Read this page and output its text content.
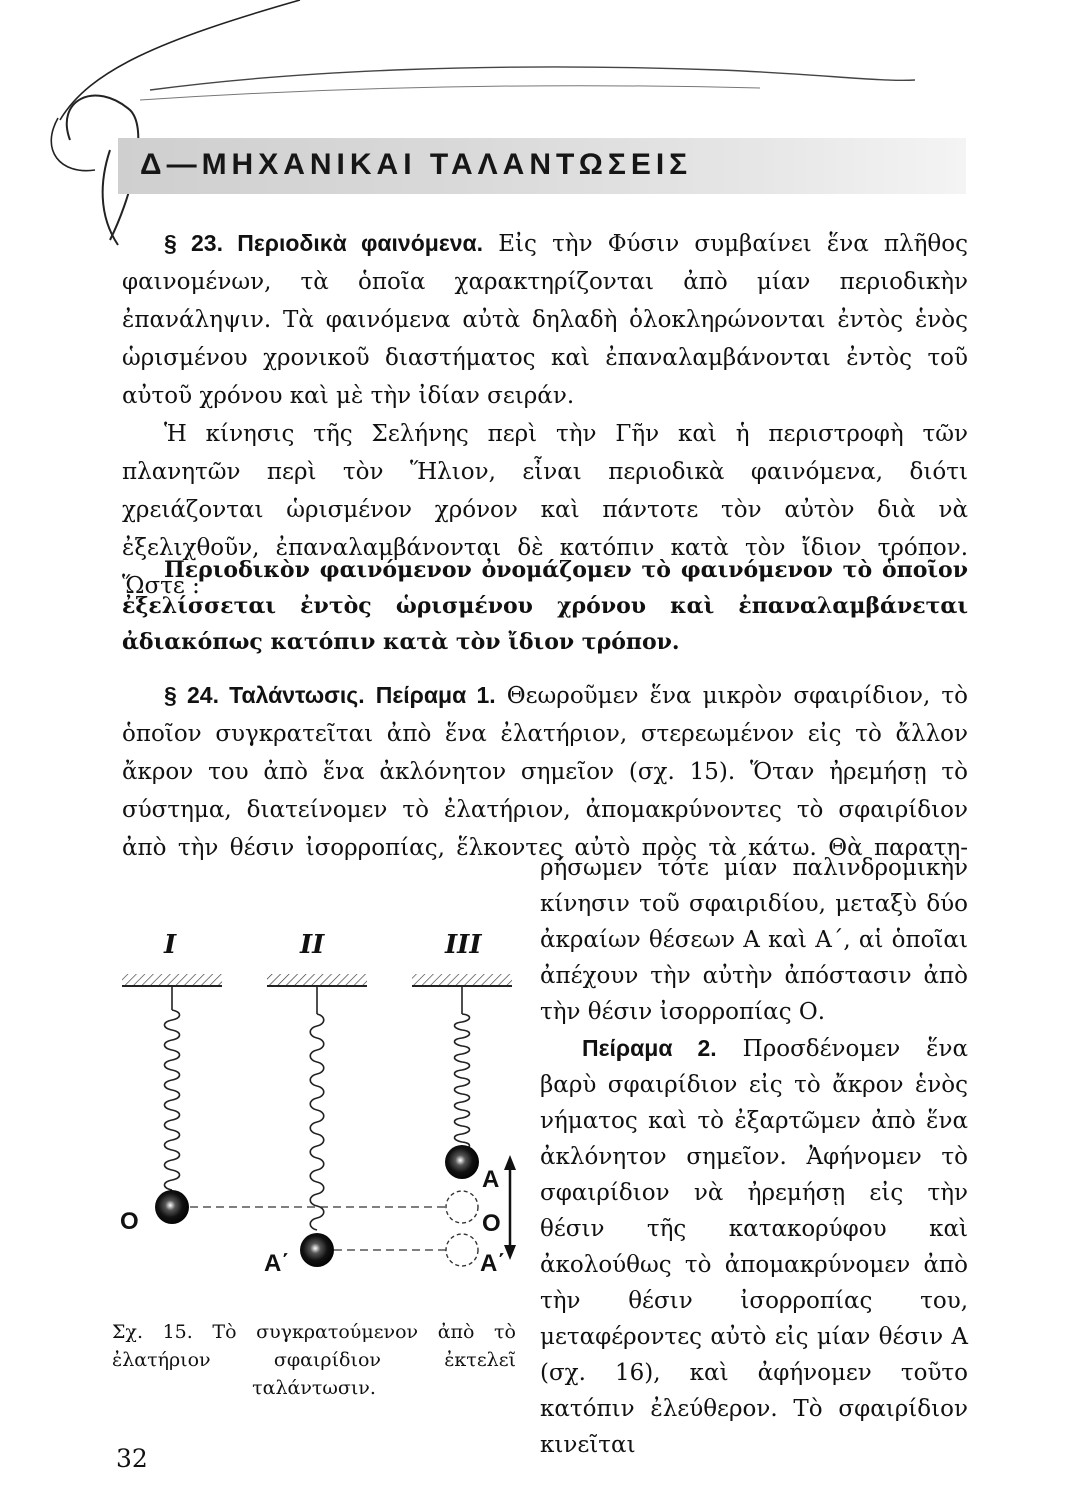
Δ—ΜΗΧΑΝΙΚΑΙ ΤΑΛΑΝΤΩΣΕΙΣ

§ 23. Περιοδικὰ φαινόμενα. Εἰς τὴν Φύσιν συμβαίνει ἕνα πλῆθος φαινομένων, τὰ ὁποῖα χαρακτηρίζονται ἀπὸ μίαν περιοδικὴν ἐπανάληψιν. Τὰ φαινόμενα αὐτὰ δηλαδὴ ὁλοκληρώνονται ἐντὸς ἑνὸς ὡρισμένου χρονικοῦ διαστήματος καὶ ἐπαναλαμβάνονται ἐντὸς τοῦ αὐτοῦ χρόνου καὶ μὲ τὴν ἰδίαν σειράν.

Ἡ κίνησις τῆς Σελήνης περὶ τὴν Γῆν καὶ ἡ περιστροφὴ τῶν πλανητῶν περὶ τὸν Ἥλιον, εἶναι περιοδικὰ φαινόμενα, διότι χρειάζονται ὡρισμένον χρόνον καὶ πάντοτε τὸν αὐτὸν διὰ νὰ ἐξελιχθοῦν, ἐπαναλαμβάνονται δὲ κατόπιν κατὰ τὸν ἴδιον τρόπον. Ὥστε :

Περιοδικὸν φαινόμενον ὀνομάζομεν τὸ φαινόμενον τὸ ὁποῖον ἐξελίσσεται ἐντὸς ὡρισμένου χρόνου καὶ ἐπαναλαμβάνεται ἀδιακόπως κατόπιν κατὰ τὸν ἴδιον τρόπον.

§ 24. Ταλάντωσις. Πείραμα 1. Θεωροῦμεν ἕνα μικρὸν σφαιρίδιον, τὸ ὁποῖον συγκρατεῖται ἀπὸ ἕνα ἐλατήριον, στερεωμένον εἰς τὸ ἄλλον ἄκρον του ἀπὸ ἕνα ἀκλόνητον σημεῖον (σχ. 15). Ὅταν ἠρεμήσῃ τὸ σύστημα, διατείνομεν τὸ ἐλατήριον, ἀπομακρύνοντες τὸ σφαιρίδιον ἀπὸ τὴν θέσιν ἰσορροπίας, ἕλκοντες αὐτὸ πρὸς τὰ κάτω. Θὰ παρατη-

ρήσωμεν τότε μίαν παλινδρομικὴν κίνησιν τοῦ σφαιριδίου, μεταξὺ δύο ἀκραίων θέσεων Α καὶ Α΄, αἱ ὁποῖαι ἀπέχουν τὴν αὐτὴν ἀπόστασιν ἀπὸ τὴν θέσιν ἰσορροπίας Ο.

Πείραμα 2. Προσδένομεν ἕνα βαρὺ σφαιρίδιον εἰς τὸ ἄκρον ἑνὸς νήματος καὶ τὸ ἐξαρτῶμεν ἀπὸ ἕνα ἀκλόνητον σημεῖον. Ἀφήνομεν τὸ σφαιρίδιον νὰ ἠρεμήσῃ εἰς τὴν θέσιν τῆς κατακορύφου καὶ ἀκολούθως τὸ ἀπομακρύνομεν ἀπὸ τὴν θέσιν ἰσορροπίας του, μεταφέροντες αὐτὸ εἰς μίαν θέσιν Α (σχ. 16), καὶ ἀφήνομεν τοῦτο κατόπιν ἐλεύθερον. Τὸ σφαιρίδιον κινεῖται

I	II	III
O
Α΄
Α
Ο
Α΄

Σχ. 15. Τὸ συγκρατούμενον ἀπὸ τὸ ἐλατήριον σφαιρίδιον ἐκτελεῖ ταλάντωσιν.

32
